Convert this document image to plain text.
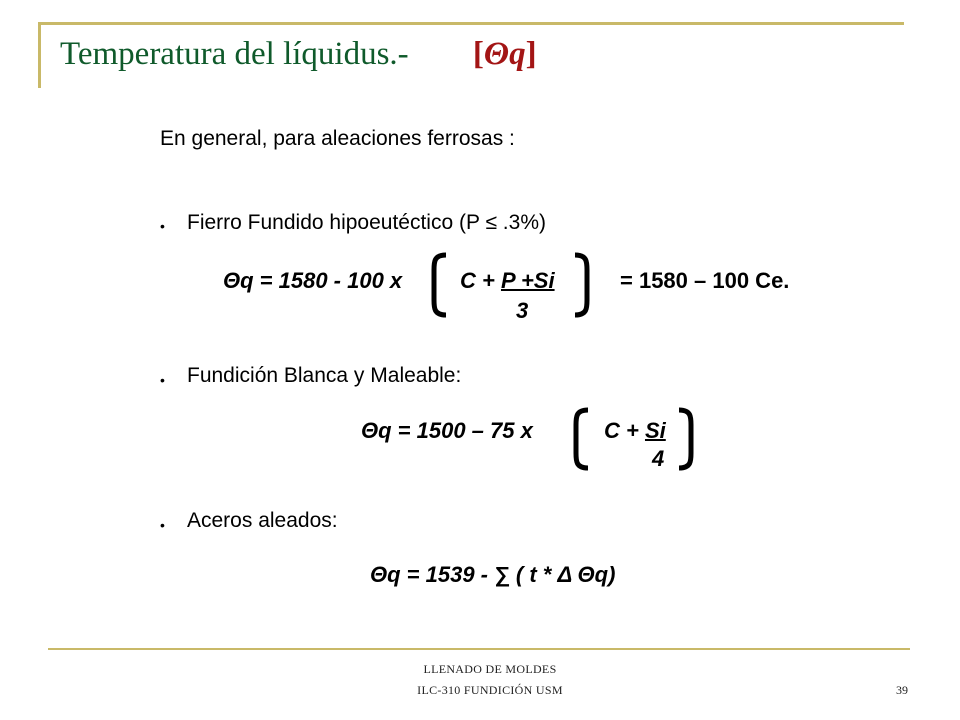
Temperatura del líquidus.- [Θq]
En general, para aleaciones ferrosas :
• Fierro Fundido hipoeutéctico (P ≤ .3%)
Θq = 1580 - 100 x	C + P +Si
3
= 1580 – 100 Ce.
• Fundición Blanca y Maleable:
Θq = 1500 – 75 x	C + Si
4
• Aceros aleados:
Θq = 1539 - ∑ ( t * Δ Θq)
LLENADO DE MOLDES
ILC-310 FUNDICIÓN USM	39
